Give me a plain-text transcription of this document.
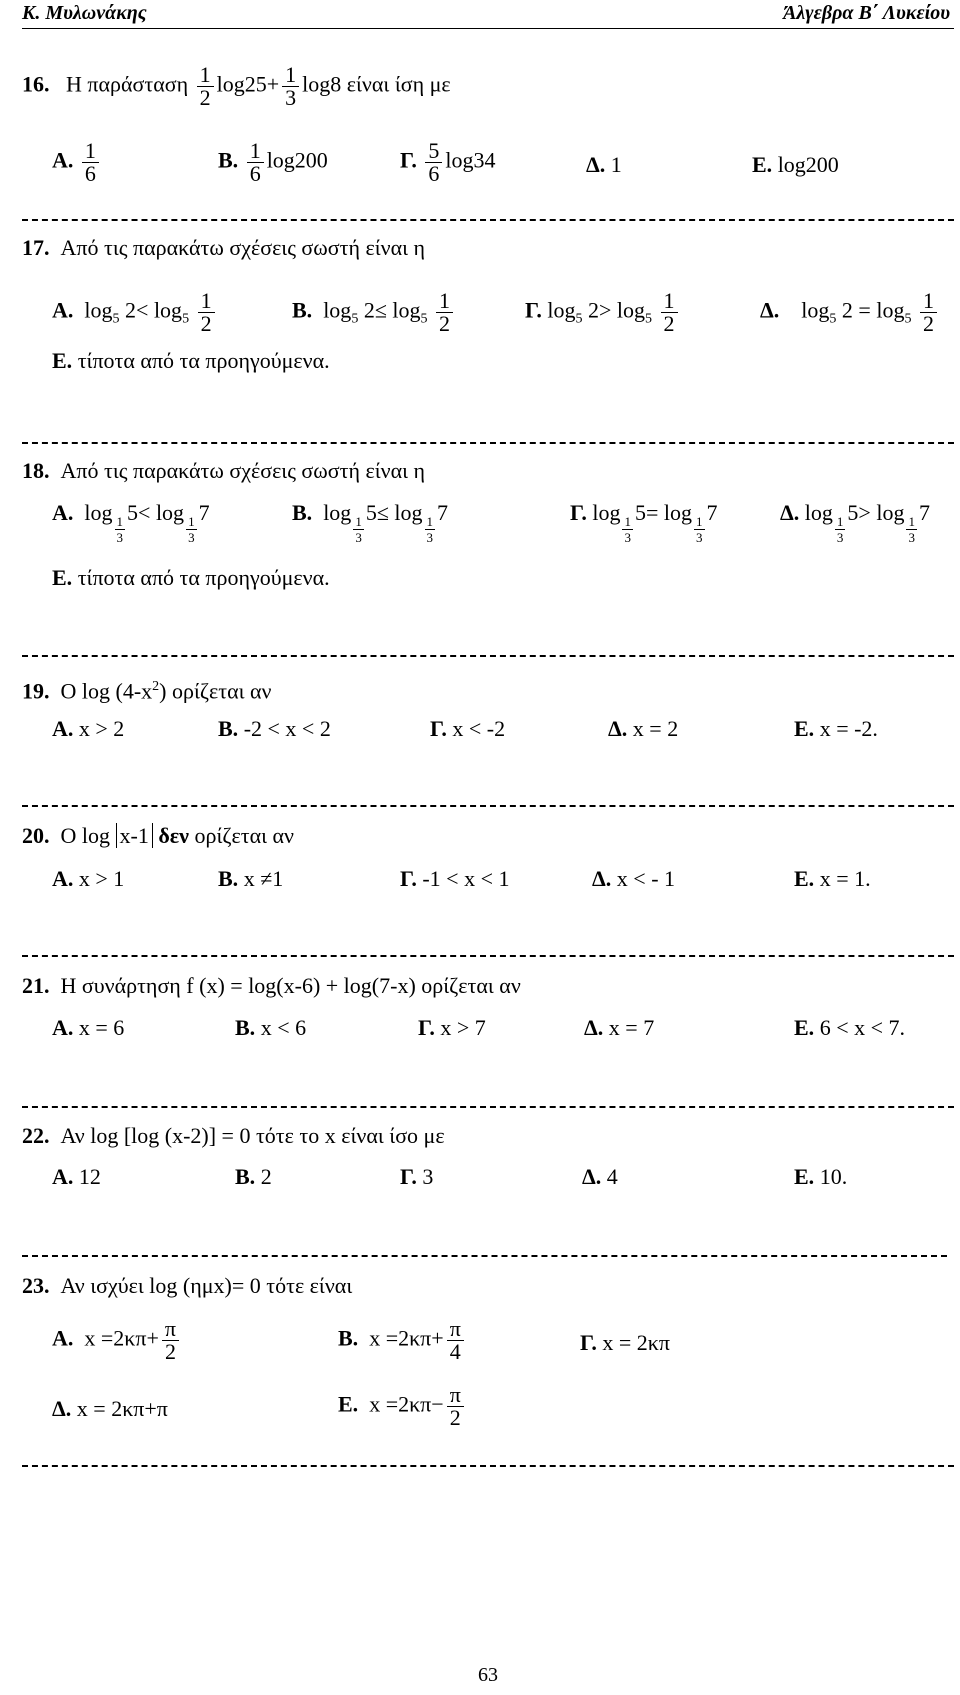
Κ. Μυλωνάκης	Άλγεβρα Β΄ Λυκείου
16. Η παράσταση $\frac{1}{2} \log 25+ \frac{1}{3} \log 8$ είναι ίση με
Α. $\frac{1}{6}$	Β. $\frac{1}{6} \log 200$	Γ. $\frac{5}{6} \log 34$	Δ. 1	Ε. log200
17. Από τις παρακάτω σχέσεις σωστή είναι η
Α. $\log_5 2< \log_5 \frac{1}{2}$	Β. $\log_5 2\le \log_5 \frac{1}{2}$	Γ. $\log_5 2> \log_5 \frac{1}{2}$	Δ. $\log_5 2 = \log_5 \frac{1}{2}$
Ε. τίποτα από τα προηγούμενα.
18. Από τις παρακάτω σχέσεις σωστή είναι η
Α. log
$\frac{1}{3}$
5< log
$\frac{1}{3}$
7	Β. log
$\frac{1}{3}$
5≤ log
$\frac{1}{3}$
7	Γ. log
$\frac{1}{3}$
5= log
$\frac{1}{3}$
7	Δ. log
$\frac{1}{3}$
5> log
$\frac{1}{3}$
7
Ε. τίποτα από τα προηγούμενα.
19. Ο $\log (4-x^2)$ ορίζεται αν
Α. x > 2	Β. -2 < x < 2	Γ. x < -2	Δ. x = 2	Ε. x = -2.
20. Ο log x-1 δεν ορίζεται αν
Α. x > 1	Β. x ≠1	Γ. -1 < x < 1	Δ. x < - 1	Ε. x = 1.
21. Η συνάρτηση f (x) = log(x-6) + log(7-x) ορίζεται αν
Α. x = 6	Β. x < 6	Γ. x > 7	Δ. x = 7	Ε. 6 < x < 7.
22. Αν log [log (x-2)] = 0 τότε το x είναι ίσο με
Α. 12	Β. 2	Γ. 3	Δ. 4	Ε. 10.
23. Αν ισχύει log (ημx)= 0 τότε είναι
Α. $x =2\kappa\pi+ \frac{\pi}{2}$	Β. $x =2\kappa\pi+ \frac{\pi}{4}$	Γ. x = 2κπ
Δ. x = 2κπ+π	Ε. $x =2\kappa\pi- \frac{\pi}{2}$
63
